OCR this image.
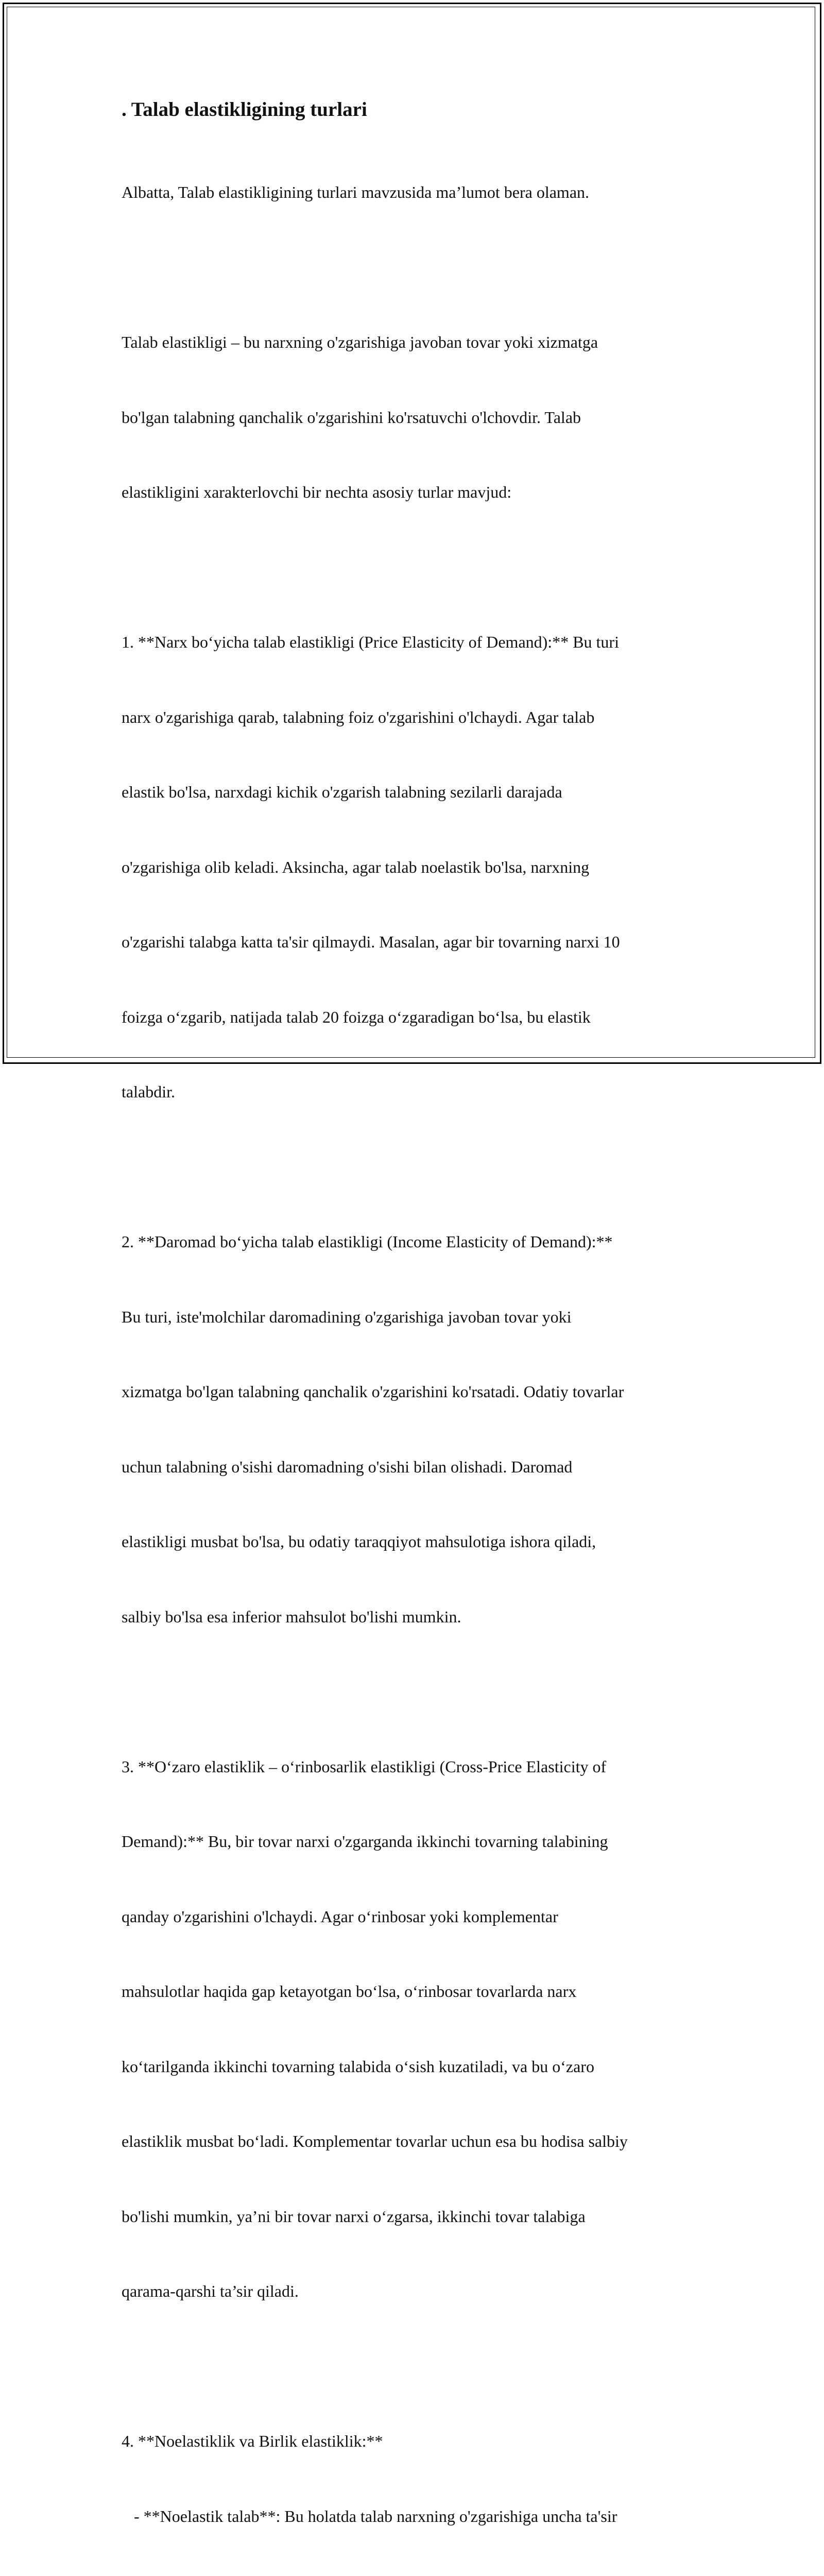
. Talab elastikligining turlari

Albatta, Talab elastikligining turlari mavzusida ma’lumot bera olaman.

Talab elastikligi – bu narxning o'zgarishiga javoban tovar yoki xizmatga

bo'lgan talabning qanchalik o'zgarishini ko'rsatuvchi o'lchovdir. Talab

elastikligini xarakterlovchi bir nechta asosiy turlar mavjud:

1. **Narx bo‘yicha talab elastikligi (Price Elasticity of Demand):** Bu turi

narx o'zgarishiga qarab, talabning foiz o'zgarishini o'lchaydi. Agar talab

elastik bo'lsa, narxdagi kichik o'zgarish talabning sezilarli darajada

o'zgarishiga olib keladi. Aksincha, agar talab noelastik bo'lsa, narxning

o'zgarishi talabga katta ta'sir qilmaydi. Masalan, agar bir tovarning narxi 10

foizga o‘zgarib, natijada talab 20 foizga o‘zgaradigan bo‘lsa, bu elastik

talabdir.

2. **Daromad bo‘yicha talab elastikligi (Income Elasticity of Demand):**

Bu turi, iste'molchilar daromadining o'zgarishiga javoban tovar yoki

xizmatga bo'lgan talabning qanchalik o'zgarishini ko'rsatadi. Odatiy tovarlar

uchun talabning o'sishi daromadning o'sishi bilan olishadi. Daromad

elastikligi musbat bo'lsa, bu odatiy taraqqiyot mahsulotiga ishora qiladi,

salbiy bo'lsa esa inferior mahsulot bo'lishi mumkin.

3. **O‘zaro elastiklik – o‘rinbosarlik elastikligi (Cross-Price Elasticity of

Demand):** Bu, bir tovar narxi o'zgarganda ikkinchi tovarning talabining

qanday o'zgarishini o'lchaydi. Agar o‘rinbosar yoki komplementar

mahsulotlar haqida gap ketayotgan bo‘lsa, o‘rinbosar tovarlarda narx

ko‘tarilganda ikkinchi tovarning talabida o‘sish kuzatiladi, va bu o‘zaro

elastiklik musbat bo‘ladi. Komplementar tovarlar uchun esa bu hodisa salbiy

bo'lishi mumkin, ya’ni bir tovar narxi o‘zgarsa, ikkinchi tovar talabiga

qarama-qarshi ta’sir qiladi.

4. **Noelastiklik va Birlik elastiklik:**

- **Noelastik talab**: Bu holatda talab narxning o'zgarishiga uncha ta'sir
